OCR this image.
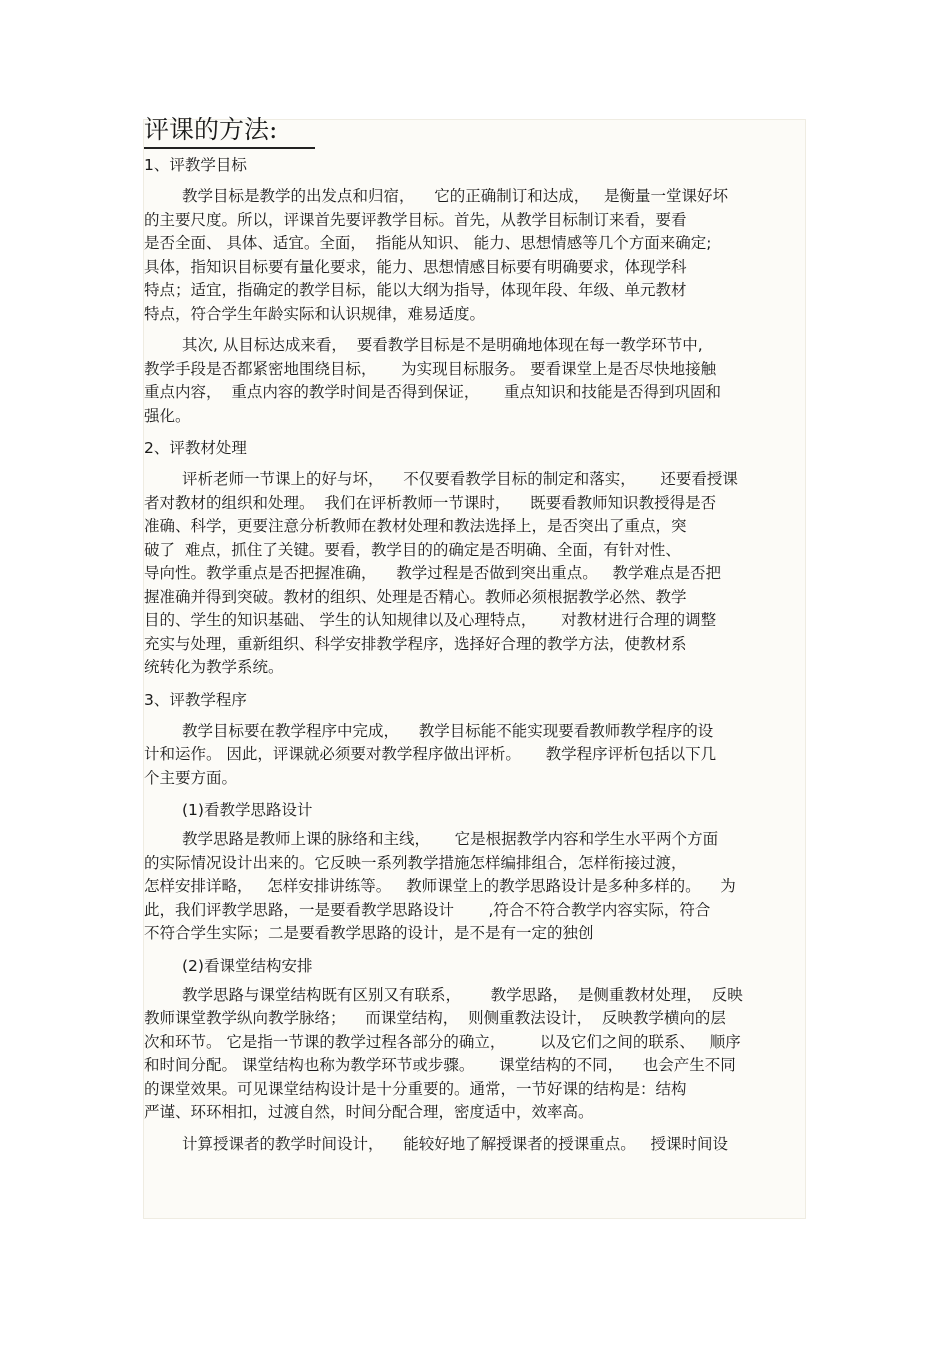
评课的方法:
1、评教学目标
教学目标是教学的出发点和归宿，    它的正确制订和达成，   是衡量一堂课好坏
的主要尺度。所以，评课首先要评教学目标。首先，从教学目标制订来看，要看
是否全面、 具体、适宜。全面，  指能从知识、 能力、思想情感等几个方面来确定;
具体，指知识目标要有量化要求，能力、思想情感目标要有明确要求，体现学科
特点；适宜，指确定的教学目标，能以大纲为指导，体现年段、年级、单元教材
特点，符合学生年龄实际和认识规律，难易适度。
其次, 从目标达成来看，  要看教学目标是不是明确地体现在每一教学环节中,
教学手段是否都紧密地围绕目标，     为实现目标服务。 要看课堂上是否尽快地接触
重点内容，  重点内容的教学时间是否得到保证，     重点知识和技能是否得到巩固和
强化。
2、评教材处理
评析老师一节课上的好与坏，    不仅要看教学目标的制定和落实，     还要看授课
者对教材的组织和处理。  我们在评析教师一节课时，    既要看教师知识教授得是否
准确、科学，更要注意分析教师在教材处理和教法选择上，是否突出了重点，突
破了  难点，抓住了关键。要看，教学目的的确定是否明确、全面，有针对性、
导向性。教学重点是否把握准确，    教学过程是否做到突出重点。   教学难点是否把
握准确并得到突破。教材的组织、处理是否精心。教师必须根据教学必然、教学
目的、学生的知识基础、 学生的认知规律以及心理特点，     对教材进行合理的调整
充实与处理，重新组织、科学安排教学程序，选择好合理的教学方法，使教材系
统转化为教学系统。
3、评教学程序
教学目标要在教学程序中完成，    教学目标能不能实现要看教师教学程序的设
计和运作。 因此，评课就必须要对教学程序做出评析。     教学程序评析包括以下几
个主要方面。
(1)看教学思路设计
教学思路是教师上课的脉络和主线，     它是根据教学内容和学生水平两个方面
的实际情况设计出来的。它反映一系列教学措施怎样编排组合，怎样衔接过渡，
怎样安排详略，   怎样安排讲练等。   教师课堂上的教学思路设计是多种多样的。    为
此，我们评教学思路，一是要看教学思路设计       ,符合不符合教学内容实际，符合
不符合学生实际；二是要看教学思路的设计，是不是有一定的独创
(2)看课堂结构安排
教学思路与课堂结构既有区别又有联系，      教学思路，  是侧重教材处理，  反映
教师课堂教学纵向教学脉络；    而课堂结构，  则侧重教法设计，  反映教学横向的层
次和环节。 它是指一节课的教学过程各部分的确立，       以及它们之间的联系、   顺序
和时间分配。 课堂结构也称为教学环节或步骤。     课堂结构的不同，    也会产生不同
的课堂效果。可见课堂结构设计是十分重要的。通常，一节好课的结构是：结构
严谨、环环相扣，过渡自然，时间分配合理，密度适中，效率高。
计算授课者的教学时间设计，    能较好地了解授课者的授课重点。   授课时间设
